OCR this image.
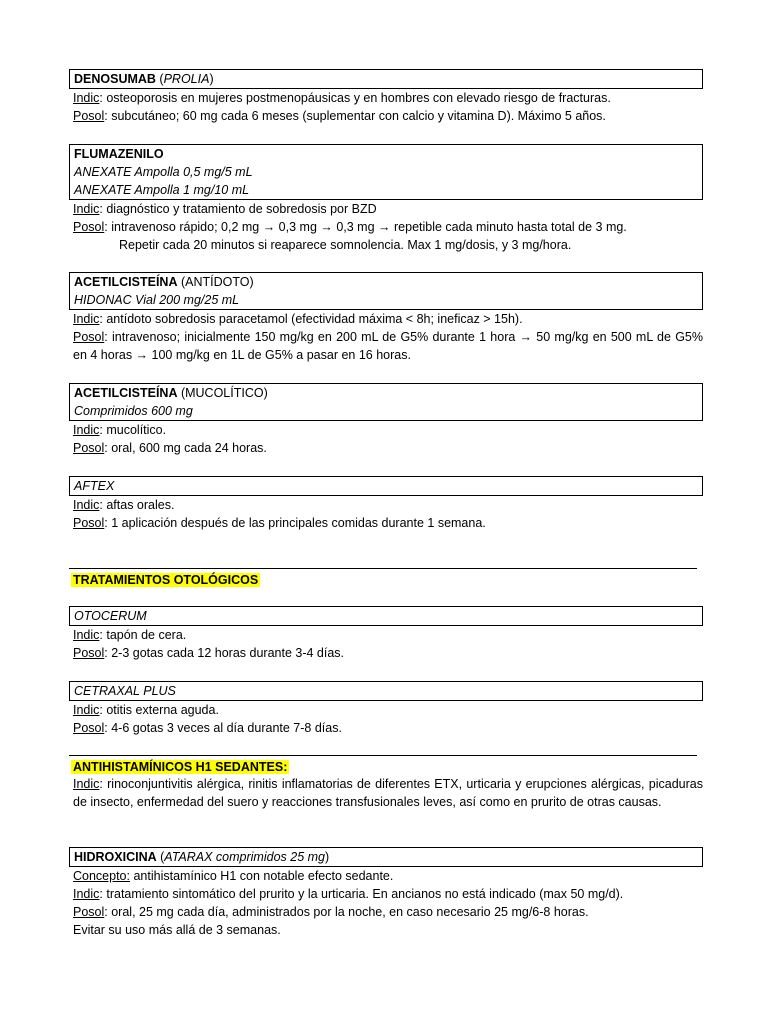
DENOSUMAB (PROLIA)
Indic: osteoporosis en mujeres postmenopáusicas y en hombres con elevado riesgo de fracturas.
Posol: subcutáneo; 60 mg cada 6 meses (suplementar con calcio y vitamina D). Máximo 5 años.
FLUMAZENILO
ANEXATE Ampolla 0,5 mg/5 mL
ANEXATE Ampolla 1 mg/10 mL
Indic: diagnóstico y tratamiento de sobredosis por BZD
Posol: intravenoso rápido; 0,2 mg → 0,3 mg → 0,3 mg → repetible cada minuto hasta total de 3 mg.
Repetir cada 20 minutos si reaparece somnolencia. Max 1 mg/dosis, y 3 mg/hora.
ACETILCISTEÍNA (ANTÍDOTO)
HIDONAC Vial 200 mg/25 mL
Indic: antídoto sobredosis paracetamol (efectividad máxima < 8h; ineficaz > 15h).
Posol: intravenoso; inicialmente 150 mg/kg en 200 mL de G5% durante 1 hora → 50 mg/kg en 500 mL de G5% en 4 horas → 100 mg/kg en 1L de G5% a pasar en 16 horas.
ACETILCISTEÍNA (MUCOLÍTICO)
Comprimidos 600 mg
Indic: mucolítico.
Posol: oral, 600 mg cada 24 horas.
AFTEX
Indic: aftas orales.
Posol: 1 aplicación después de las principales comidas durante 1 semana.
TRATAMIENTOS OTOLÓGICOS
OTOCERUM
Indic: tapón de cera.
Posol: 2-3 gotas cada 12 horas durante 3-4 días.
CETRAXAL PLUS
Indic: otitis externa aguda.
Posol: 4-6 gotas 3 veces al día durante 7-8 días.
ANTIHISTAMÍNICOS H1 SEDANTES:
Indic: rinoconjuntivitis alérgica, rinitis inflamatorias de diferentes ETX, urticaria y erupciones alérgicas, picaduras de insecto, enfermedad del suero y reacciones transfusionales leves, así como en prurito de otras causas.
HIDROXICINA (ATARAX comprimidos 25 mg)
Concepto: antihistamínico H1 con notable efecto sedante.
Indic: tratamiento sintomático del prurito y la urticaria. En ancianos no está indicado (max 50 mg/d).
Posol: oral, 25 mg cada día, administrados por la noche, en caso necesario 25 mg/6-8 horas.
Evitar su uso más allá de 3 semanas.
